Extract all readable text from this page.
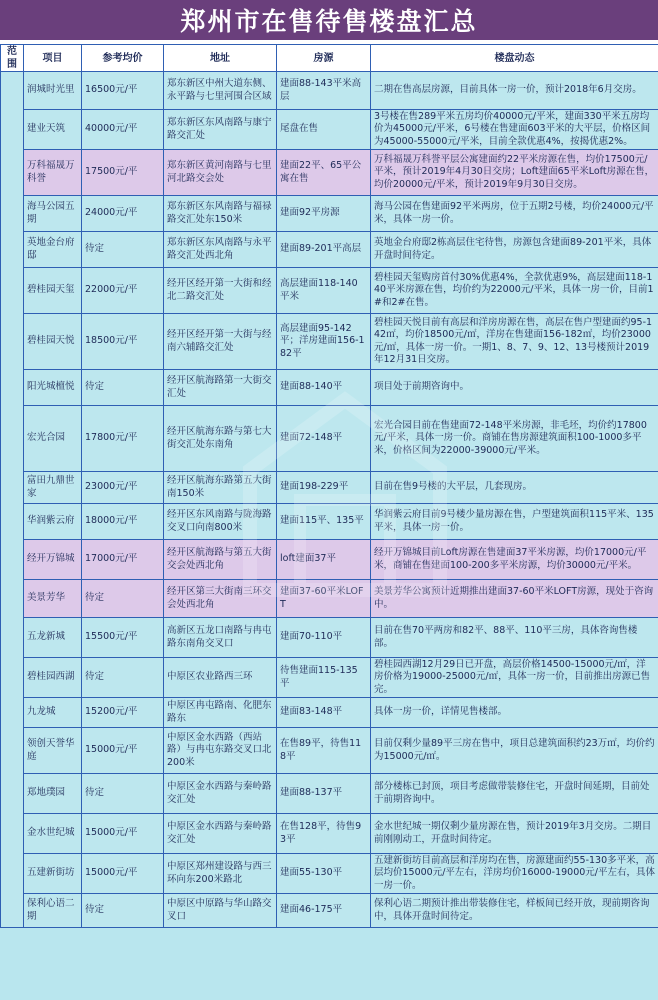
郑州市在售待售楼盘汇总
范围	项目	参考均价	地址	房源	楼盘动态
	润城时光里	16500元/平	郑东新区中州大道东侧、永平路与七里河围合区域	建面88-143平米高层	二期在售高层房源，目前具体一房一价，预计2018年6月交房。
	建业天筑	40000元/平	郑东新区东风南路与康宁路交汇处	尾盘在售	3号楼在售289平米五房均价40000元/平米，建面330平米五房均价为45000元/平米，6号楼在售建面603平米的大平层，价格区间为45000-55000元/平米，目前全款优惠4%，按揭优惠2%。
	万科福晟万科誉	17500元/平	郑东新区黄河南路与七里河北路交会处	建面22平、65平公寓在售	万科福晟万科誉平层公寓建面约22平米房源在售，均价17500元/平米，预计2019年4月30日交房；Loft建面65平米Loft房源在售，均价20000元/平米，预计2019年9月30日交房。
	海马公园五期	24000元/平	郑东新区东风南路与福禄路交汇处东150米	建面92平房源	海马公园在售建面92平米两房，位于五期2号楼，均价24000元/平米，具体一房一价。
	英地金台府邸	待定	郑东新区东风南路与永平路交汇处西北角	建面89-201平高层	英地金台府邸2栋高层住宅待售，房源包含建面89-201平米，具体开盘时间待定。
	碧桂园天玺	22000元/平	经开区经开第一大街和经北二路交汇处	高层建面118-140平米	碧桂园天玺购房首付30%优惠4%，全款优惠9%，高层建面118-140平米房源在售，均价约为22000元/平米，具体一房一价，目前1#和2#在售。
	碧桂园天悦	18500元/平	经开区经开第一大街与经南六辅路交汇处	高层建面95-142平；洋房建面156-182平	碧桂园天悦目前有高层和洋房房源在售，高层在售户型建面约95-142㎡，均价18500元/㎡，洋房在售建面156-182㎡，均价23000元/㎡，具体一房一价。一期1、8、7、9、12、13号楼预计2019年12月31日交房。
	阳光城檀悦	待定	经开区航海路第一大街交汇处	建面88-140平	项目处于前期咨询中。
	宏光合园	17800元/平	经开区航海东路与第七大街交汇处东南角	建面72-148平	宏光合园目前在售建面72-148平米房源，非毛坯，均价约17800元/平米，具体一房一价。商铺在售房源建筑面积100-1000多平米，价格区间为22000-39000元/平米。
	富田九鼎世家	23000元/平	经开区航海东路第五大街南150米	建面198-229平	目前在售9号楼的大平层，几套现房。
	华润紫云府	18000元/平	经开区东风南路与陇海路交叉口向南800米	建面115平、135平	华润紫云府目前9号楼少量房源在售，户型建筑面积115平米、135平米，具体一房一价。
	经开万锦城	17000元/平	经开区航海路与第五大街交会处西北角	loft建面37平	经开万锦城目前Loft房源在售建面37平米房源，均价17000元/平米，商铺在售建面100-200多平米房源，均价30000元/平米。
	美景芳华	待定	经开区第三大街南三环交会处西北角	建面37-60平米LOFT	美景芳华公寓预计近期推出建面37-60平米LOFT房源，现处于咨询中。
	五龙新城	15500元/平	高新区五龙口南路与冉屯路东南角交叉口	建面70-110平	目前在售70平两房和82平、88平、110平三房，具体咨询售楼部。
	碧桂园西湖	待定	中原区农业路西三环	待售建面115-135平	碧桂园西湖12月29日已开盘，高层价格14500-15000元/㎡，洋房价格为19000-25000元/㎡，具体一房一价，目前推出房源已售完。
	九龙城	15200元/平	中原区冉屯路南、化肥东路东	建面83-148平	具体一房一价，详情见售楼部。
	领创天誉华庭	15000元/平	中原区金水西路（西站路）与冉屯东路交叉口北200米	在售89平，待售118平	目前仅剩少量89平三房在售中，项目总建筑面积约23万㎡，均价约为15000元/㎡。
	郑地璞园	待定	中原区金水西路与秦岭路交汇处	建面88-137平	部分楼栋已封顶，项目考虑做带装修住宅，开盘时间延期，目前处于前期咨询中。
	金水世纪城	15000元/平	中原区金水西路与秦岭路交汇处	在售128平，待售93平	金水世纪城一期仅剩少量房源在售，预计2019年3月交房。二期目前刚刚动工，开盘时间待定。
	五建新街坊	15000元/平	中原区郑州建设路与西三环向东200米路北	建面55-130平	五建新街坊目前高层和洋房均在售，房源建面约55-130多平米，高层均价15000元/平左右，洋房均价16000-19000元/平左右，具体一房一价。
	保利心语二期	待定	中原区中原路与华山路交叉口	建面46-175平	保利心语二期预计推出带装修住宅，样板间已经开放，现前期咨询中，具体开盘时间待定。
